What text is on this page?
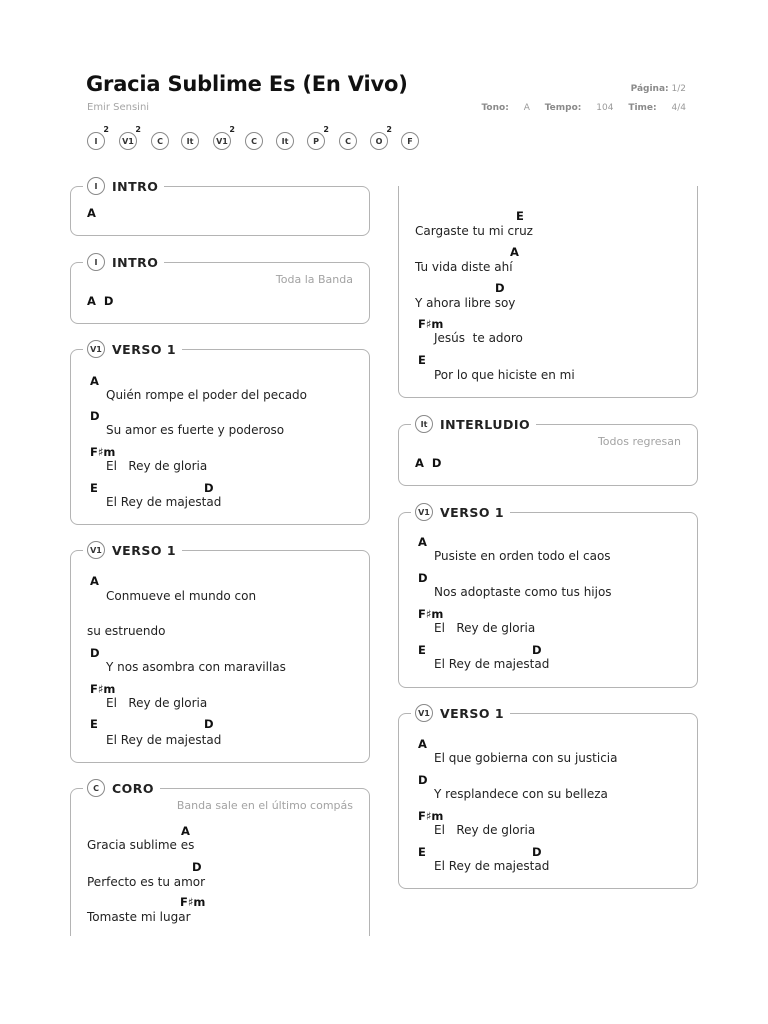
Gracia Sublime Es (En Vivo)
Emir Sensini
Página: 1/2
Tono: A Tempo: 104 Time: 4/4
I
2
V1
2
C	It	V1
2
C	It	P
2
C	O
2
F
I	INTRO
A
I	INTRO
Toda la Banda
A D
V1 VERSO 1
A
Quién rompe el poder del pecado
D
Su amor es fuerte y poderoso
F♯m
El   Rey de gloria
E	D
El Rey de majestad
V1 VERSO 1
A
Conmueve el mundo con
su estruendo
D
Y nos asombra con maravillas
F♯m
El   Rey de gloria
E	D
El Rey de majestad
C	CORO
Banda sale en el último compás
A
Gracia sublime es
D
Perfecto es tu amor
F♯m
Tomaste mi lugar
E
Cargaste tu mi cruz
A
Tu vida diste ahí
D
Y ahora libre soy
F♯m
Jesús  te adoro
E
Por lo que hiciste en mi
It	INTERLUDIO
Todos regresan
A D
V1 VERSO 1
A
Pusiste en orden todo el caos
D
Nos adoptaste como tus hijos
F♯m
El   Rey de gloria
E	D
El Rey de majestad
V1 VERSO 1
A
El que gobierna con su justicia
D
Y resplandece con su belleza
F♯m
El   Rey de gloria
E	D
El Rey de majestad
